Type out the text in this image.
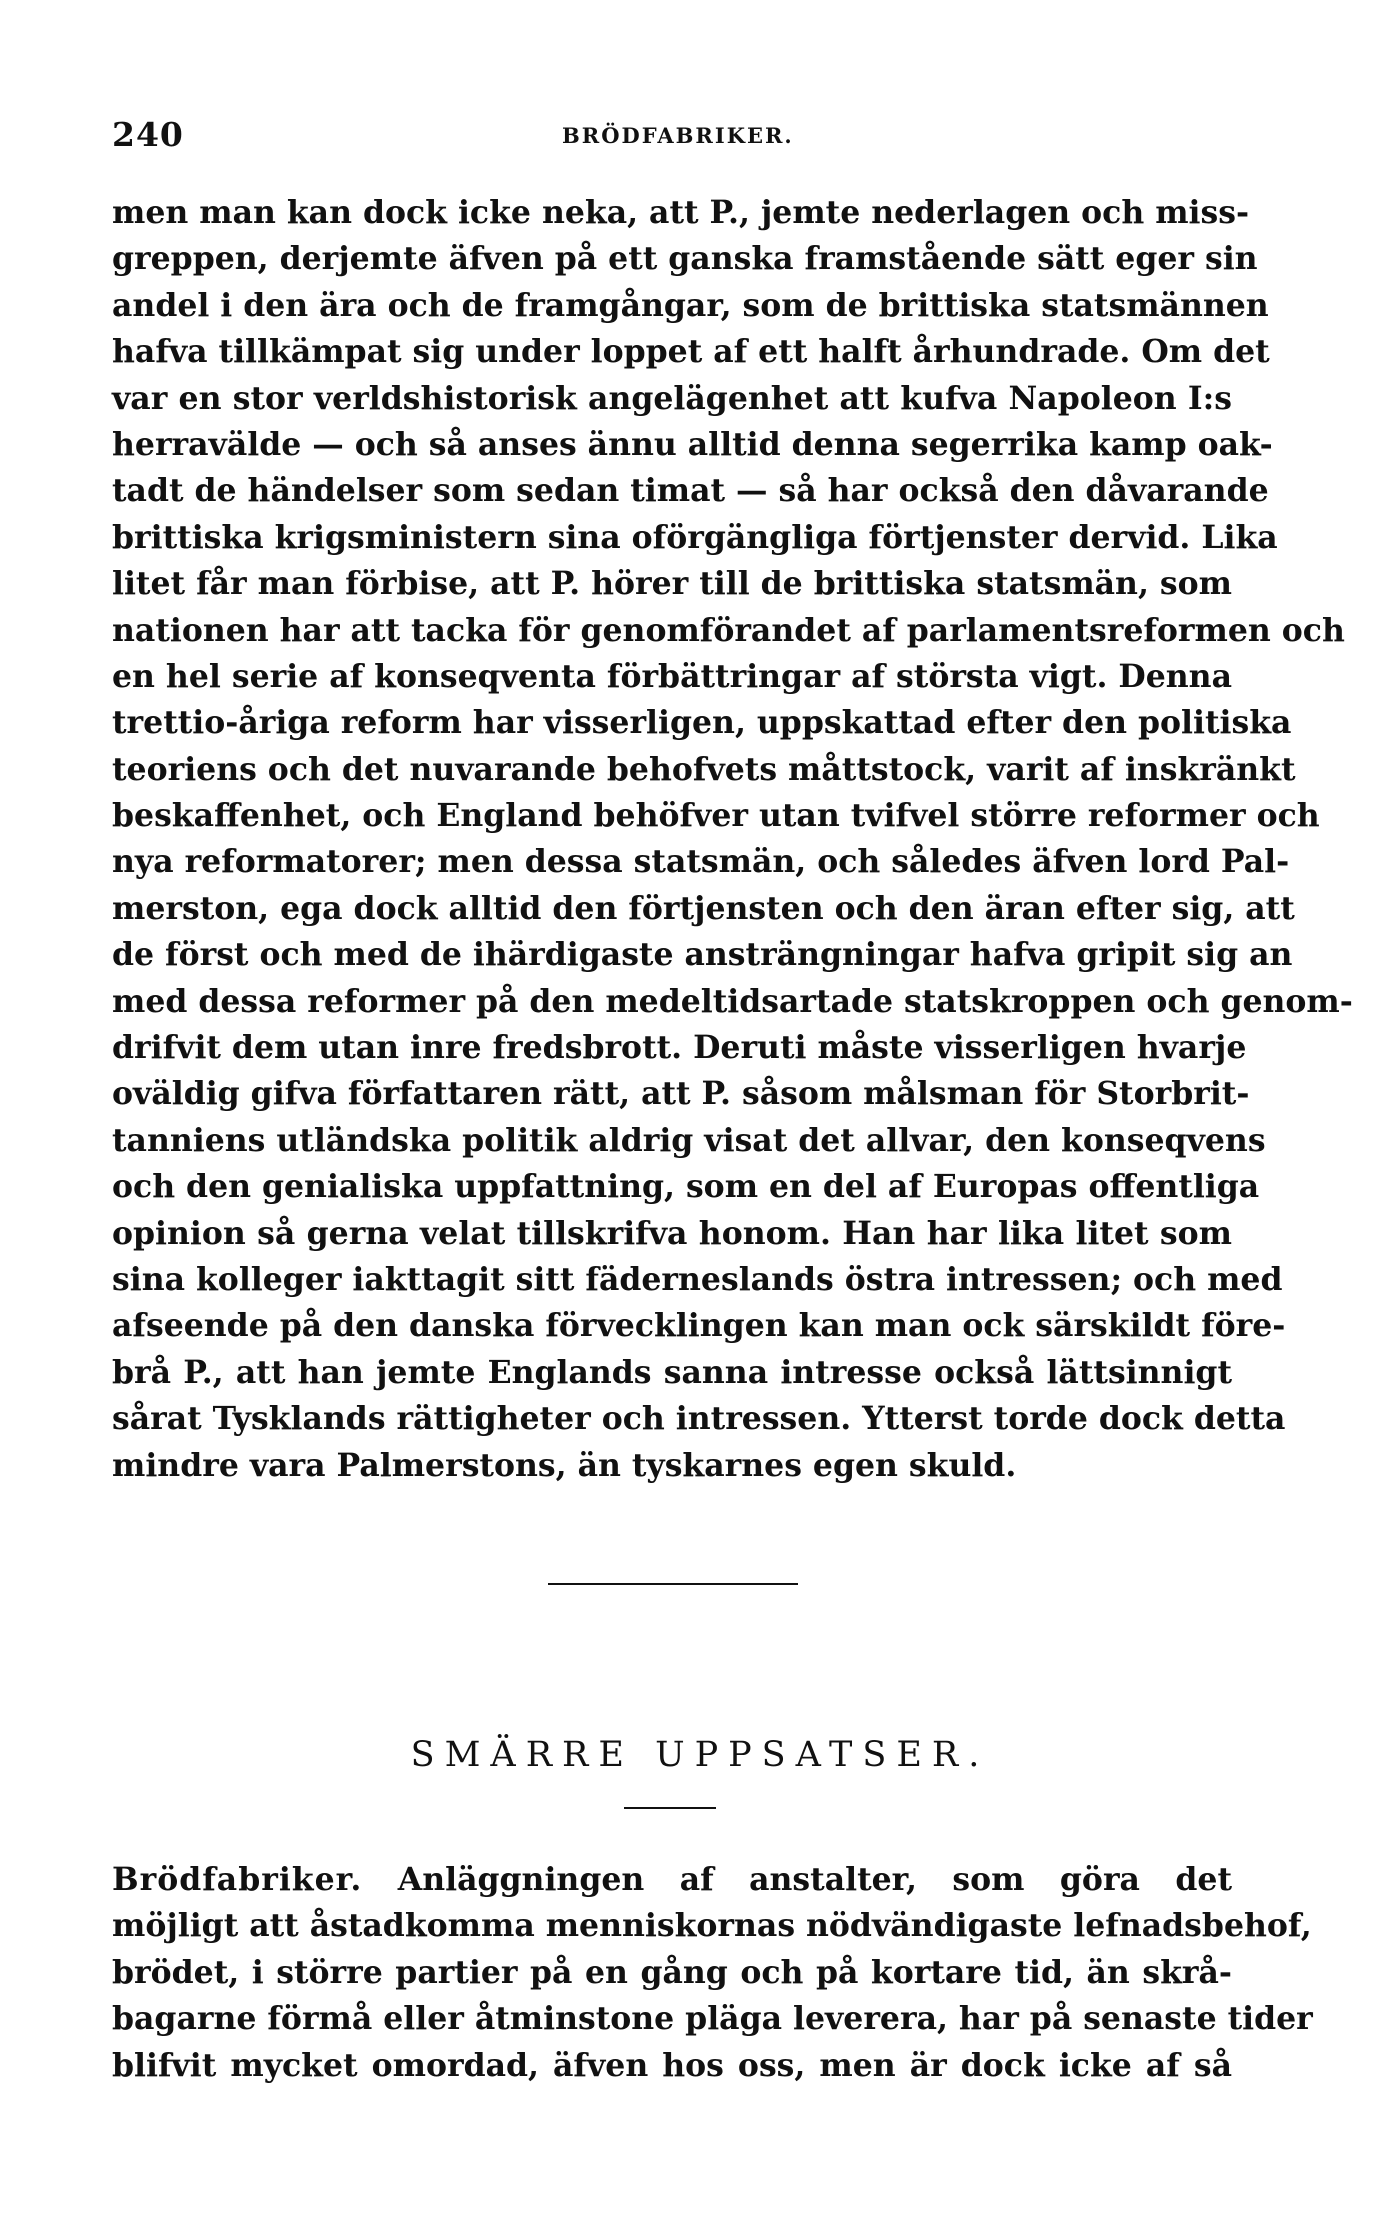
240	BRÖDFABRIKER.
men man kan dock icke neka, att P., jemte nederlagen och miss-
greppen, derjemte äfven på ett ganska framstående sätt eger sin
andel i den ära och de framgångar, som de brittiska statsmännen
hafva tillkämpat sig under loppet af ett halft århundrade. Om det
var en stor verldshistorisk angelägenhet att kufva Napoleon I:s
herravälde — och så anses ännu alltid denna segerrika kamp oak-
tadt de händelser som sedan timat — så har också den dåvarande
brittiska krigsministern sina oförgängliga förtjenster dervid. Lika
litet får man förbise, att P. hörer till de brittiska statsmän, som
nationen har att tacka för genomförandet af parlamentsreformen och
en hel serie af konseqventa förbättringar af största vigt. Denna
trettio-åriga reform har visserligen, uppskattad efter den politiska
teoriens och det nuvarande behofvets måttstock, varit af inskränkt
beskaffenhet, och England behöfver utan tvifvel större reformer och
nya reformatorer; men dessa statsmän, och således äfven lord Pal-
merston, ega dock alltid den förtjensten och den äran efter sig, att
de först och med de ihärdigaste ansträngningar hafva gripit sig an
med dessa reformer på den medeltidsartade statskroppen och genom-
drifvit dem utan inre fredsbrott. Deruti måste visserligen hvarje
oväldig gifva författaren rätt, att P. såsom målsman för Storbrit-
tanniens utländska politik aldrig visat det allvar, den konseqvens
och den genialiska uppfattning, som en del af Europas offentliga
opinion så gerna velat tillskrifva honom. Han har lika litet som
sina kolleger iakttagit sitt fäderneslands östra intressen; och med
afseende på den danska förvecklingen kan man ock särskildt före-
brå P., att han jemte Englands sanna intresse också lättsinnigt
sårat Tysklands rättigheter och intressen. Ytterst torde dock detta
mindre vara Palmerstons, än tyskarnes egen skuld.
SMÄRRE UPPSATSER.
Brödfabriker. Anläggningen af anstalter, som göra det
möjligt att åstadkomma menniskornas nödvändigaste lefnadsbehof,
brödet, i större partier på en gång och på kortare tid, än skrå-
bagarne förmå eller åtminstone pläga leverera, har på senaste tider
blifvit mycket omordad, äfven hos oss, men är dock icke af så
